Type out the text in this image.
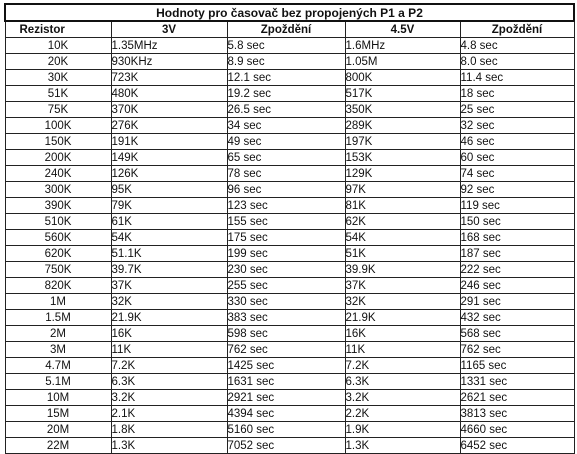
Hodnoty pro časovač bez propojených P1 a P2				
Rezistor	3V	Zpoždění	4.5V	Zpoždění
10K	1.35MHz	5.8 sec	1.6MHz	4.8 sec
20K	930KHz	8.9 sec	1.05M	8.0 sec
30K	723K	12.1 sec	800K	11.4 sec
51K	480K	19.2 sec	517K	18 sec
75K	370K	26.5 sec	350K	25 sec
100K	276K	34 sec	289K	32 sec
150K	191K	49 sec	197K	46 sec
200K	149K	65 sec	153K	60 sec
240K	126K	78 sec	129K	74 sec
300K	95K	96 sec	97K	92 sec
390K	79K	123 sec	81K	119 sec
510K	61K	155 sec	62K	150 sec
560K	54K	175 sec	54K	168 sec
620K	51.1K	199 sec	51K	187 sec
750K	39.7K	230 sec	39.9K	222 sec
820K	37K	255 sec	37K	246 sec
1M	32K	330 sec	32K	291 sec
1.5M	21.9K	383 sec	21.9K	432 sec
2M	16K	598 sec	16K	568 sec
3M	11K	762 sec	11K	762 sec
4.7M	7.2K	1425 sec	7.2K	1165 sec
5.1M	6.3K	1631 sec	6.3K	1331 sec
10M	3.2K	2921 sec	3.2K	2621 sec
15M	2.1K	4394 sec	2.2K	3813 sec
20M	1.8K	5160 sec	1.9K	4660 sec
22M	1.3K	7052 sec	1.3K	6452 sec
